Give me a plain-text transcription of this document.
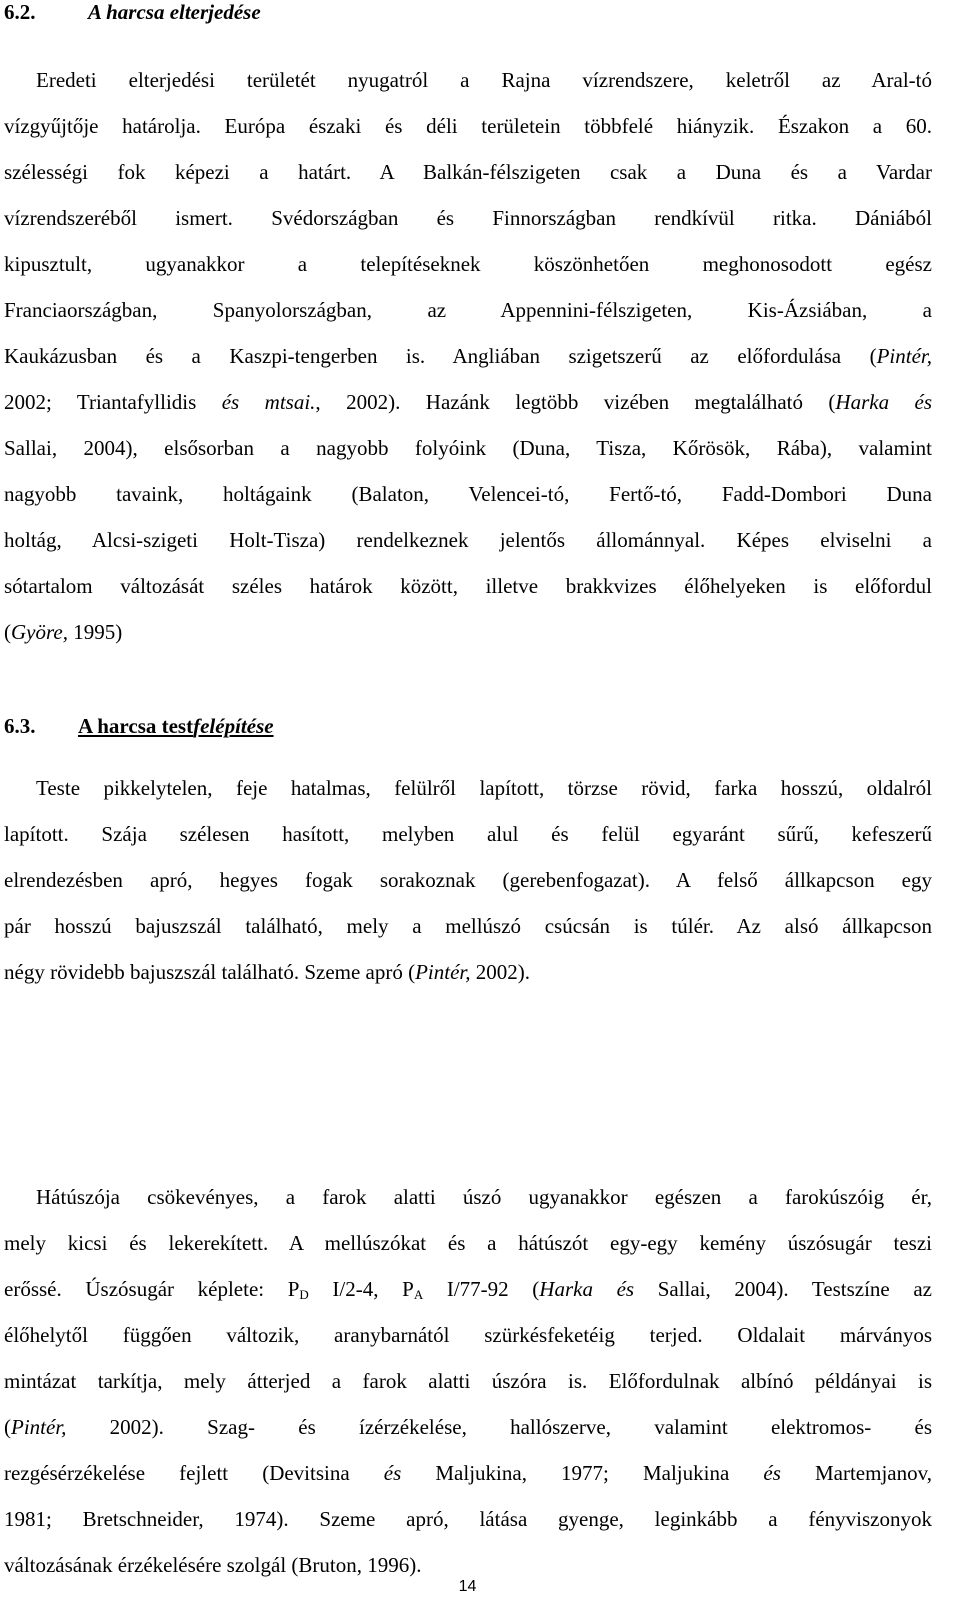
6.2.	A harcsa elterjedése

Eredeti elterjedési területét nyugatról a Rajna vízrendszere, keletről az Aral-tó
vízgyűjtője határolja. Európa északi és déli területein többfelé hiányzik. Északon a 60.
szélességi fok képezi a határt. A Balkán-félszigeten csak a Duna és a Vardar
vízrendszeréből ismert. Svédországban és Finnországban rendkívül ritka. Dániából
kipusztult, ugyanakkor a telepítéseknek köszönhetően meghonosodott egész
Franciaországban, Spanyolországban, az Appennini-félszigeten, Kis-Ázsiában, a
Kaukázusban és a Kaszpi-tengerben is. Angliában szigetszerű az előfordulása (Pintér,
2002; Triantafyllidis és mtsai., 2002). Hazánk legtöbb vizében megtalálható (Harka és
Sallai, 2004), elsősorban a nagyobb folyóink (Duna, Tisza, Kőrösök, Rába), valamint
nagyobb tavaink, holtágaink (Balaton, Velencei-tó, Fertő-tó, Fadd-Dombori Duna
holtág, Alcsi-szigeti Holt-Tisza) rendelkeznek jelentős állománnyal. Képes elviselni a
sótartalom változását széles határok között, illetve brakkvizes élőhelyeken is előfordul
(Györe, 1995)

6.3. A harcsa testfelépítése

Teste pikkelytelen, feje hatalmas, felülről lapított, törzse rövid, farka hosszú, oldalról
lapított. Szája szélesen hasított, melyben alul és felül egyaránt sűrű, kefeszerű
elrendezésben apró, hegyes fogak sorakoznak (gerebenfogazat). A felső állkapcson egy
pár hosszú bajuszszál található, mely a mellúszó csúcsán is túlér. Az alsó állkapcson
négy rövidebb bajuszszál található. Szeme apró (Pintér, 2002).

Hátúszója csökevényes, a farok alatti úszó ugyanakkor egészen a farokúszóig ér,
mely kicsi és lekerekített. A mellúszókat és a hátúszót egy-egy kemény úszósugár teszi
erőssé. Úszósugár képlete: $P_D$ I/2-4, $P_A$ I/77-92 (Harka és Sallai, 2004). Testszíne az
élőhelytől függően változik, aranybarnától szürkésfeketéig terjed. Oldalait márványos
mintázat tarkítja, mely átterjed a farok alatti úszóra is. Előfordulnak albínó példányai is
(Pintér, 2002). Szag- és ízérzékelése, hallószerve, valamint elektromos- és
rezgésérzékelése fejlett (Devitsina és Maljukina, 1977; Maljukina és Martemjanov,
1981; Bretschneider, 1974). Szeme apró, látása gyenge, leginkább a fényviszonyok
változásának érzékelésére szolgál (Bruton, 1996).

14
